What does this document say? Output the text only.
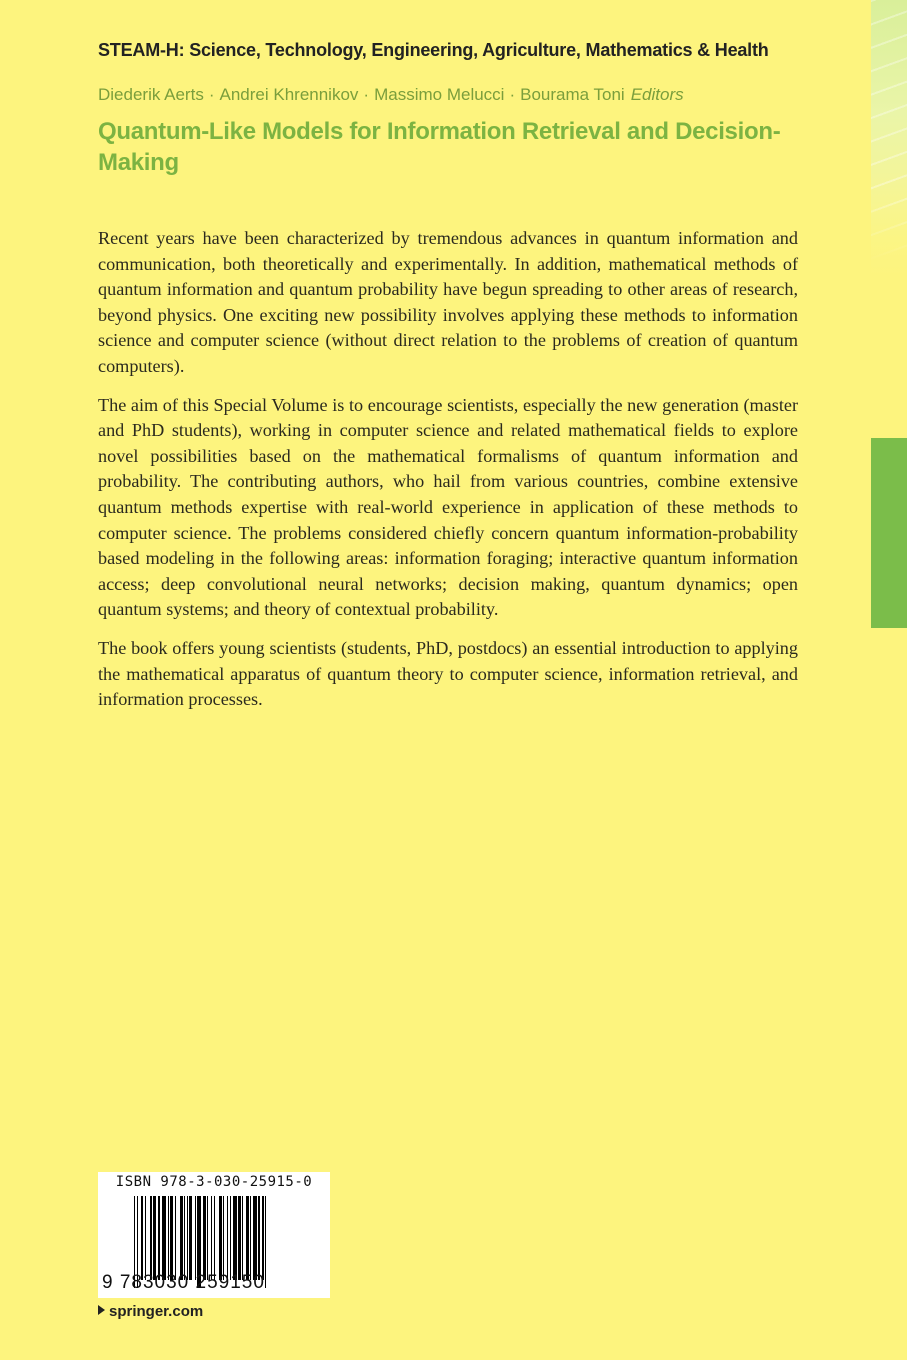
STEAM-H: Science, Technology, Engineering, Agriculture, Mathematics & Health
Diederik Aerts · Andrei Khrennikov · Massimo Melucci · Bourama Toni Editors
Quantum-Like Models for Information Retrieval and Decision-Making

Recent years have been characterized by tremendous advances in quantum information and communication, both theoretically and experimentally. In addition, mathematical methods of quantum information and quantum probability have begun spreading to other areas of research, beyond physics. One exciting new possibility involves applying these methods to information science and computer science (without direct relation to the problems of creation of quantum computers).

The aim of this Special Volume is to encourage scientists, especially the new generation (master and PhD students), working in computer science and related mathematical fields to explore novel possibilities based on the mathematical formalisms of quantum information and probability. The contributing authors, who hail from various countries, combine extensive quantum methods expertise with real-world experience in application of these methods to computer science. The problems considered chiefly concern quantum information-probability based modeling in the following areas: information foraging; interactive quantum information access; deep convolutional neural networks; decision making, quantum dynamics; open quantum systems; and theory of contextual probability.

The book offers young scientists (students, PhD, postdocs) an essential introduction to applying the mathematical apparatus of quantum theory to computer science, information retrieval, and information processes.

ISBN 978-3-030-25915-0
9 783030 259150
springer.com
